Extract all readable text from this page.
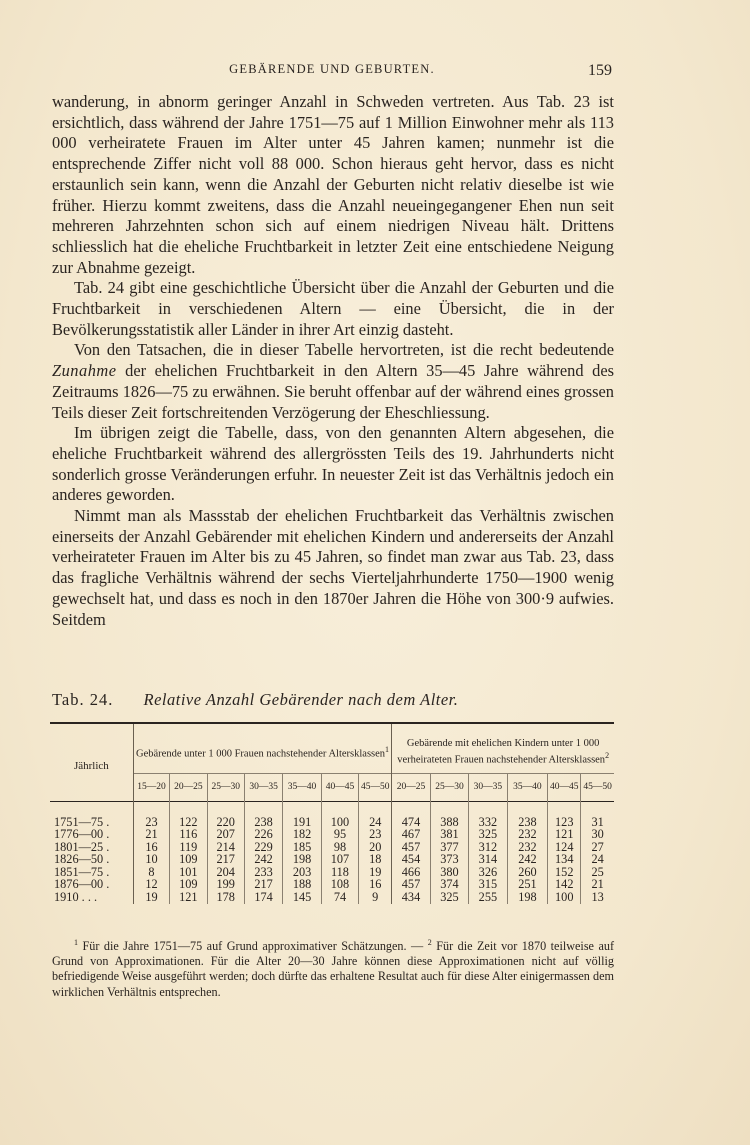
GEBÄRENDE UND GEBURTEN.	159

wanderung, in abnorm geringer Anzahl in Schweden vertreten. Aus Tab. 23 ist ersichtlich, dass während der Jahre 1751—75 auf 1 Million Einwohner mehr als 113 000 verheiratete Frauen im Alter unter 45 Jahren kamen; nunmehr ist die entsprechende Ziffer nicht voll 88 000. Schon hieraus geht hervor, dass es nicht erstaunlich sein kann, wenn die Anzahl der Geburten nicht relativ dieselbe ist wie früher. Hierzu kommt zweitens, dass die Anzahl neueingegangener Ehen nun seit mehreren Jahrzehnten schon sich auf einem niedrigen Niveau hält. Drittens schliesslich hat die eheliche Fruchtbarkeit in letzter Zeit eine entschiedene Neigung zur Abnahme gezeigt.

Tab. 24 gibt eine geschichtliche Übersicht über die Anzahl der Geburten und die Fruchtbarkeit in verschiedenen Altern — eine Übersicht, die in der Bevölkerungsstatistik aller Länder in ihrer Art einzig dasteht.

Von den Tatsachen, die in dieser Tabelle hervortreten, ist die recht bedeutende Zunahme der ehelichen Fruchtbarkeit in den Altern 35—45 Jahre während des Zeitraums 1826—75 zu erwähnen. Sie beruht offenbar auf der während eines grossen Teils dieser Zeit fortschreitenden Verzögerung der Eheschliessung.

Im übrigen zeigt die Tabelle, dass, von den genannten Altern abgesehen, die eheliche Fruchtbarkeit während des allergrössten Teils des 19. Jahrhunderts nicht sonderlich grosse Veränderungen erfuhr. In neuester Zeit ist das Verhältnis jedoch ein anderes geworden.

Nimmt man als Massstab der ehelichen Fruchtbarkeit das Verhältnis zwischen einerseits der Anzahl Gebärender mit ehelichen Kindern und andererseits der Anzahl verheirateter Frauen im Alter bis zu 45 Jahren, so findet man zwar aus Tab. 23, dass das fragliche Verhältnis während der sechs Vierteljahrhunderte 1750—1900 wenig gewechselt hat, und dass es noch in den 1870er Jahren die Höhe von 300·9 aufwies. Seitdem

Tab. 24. Relative Anzahl Gebärender nach dem Alter.
Jährlich	Gebärende unter 1 000 Frauen nachstehender Altersklassen$^1$							Gebärende mit ehelichen Kindern unter 1 000 verheirateten Frauen nachstehender Altersklassen$^2$
	15—20	20—25	25—30	30—35	35—40	40—45	45—50	20—25	25—30	30—35	35—40	40—45	45—50

1751—75 .	23	122	220	238	191	100	24	474	388	332	238	123	31
1776—00 .	21	116	207	226	182	95	23	467	381	325	232	121	30
1801—25 .	16	119	214	229	185	98	20	457	377	312	232	124	27
1826—50 .	10	109	217	242	198	107	18	454	373	314	242	134	24
1851—75 .	8	101	204	233	203	118	19	466	380	326	260	152	25
1876—00 .	12	109	199	217	188	108	16	457	374	315	251	142	21
1910 . . .	19	121	178	174	145	74	9	434	325	255	198	100	13

$^1$ Für die Jahre 1751—75 auf Grund approximativer Schätzungen. — $^2$ Für die Zeit vor 1870 teilweise auf Grund von Approximationen. Für die Alter 20—30 Jahre können diese Approximationen nicht auf völlig befriedigende Weise ausgeführt werden; doch dürfte das erhaltene Resultat auch für diese Alter einigermassen dem wirklichen Verhältnis entsprechen.
